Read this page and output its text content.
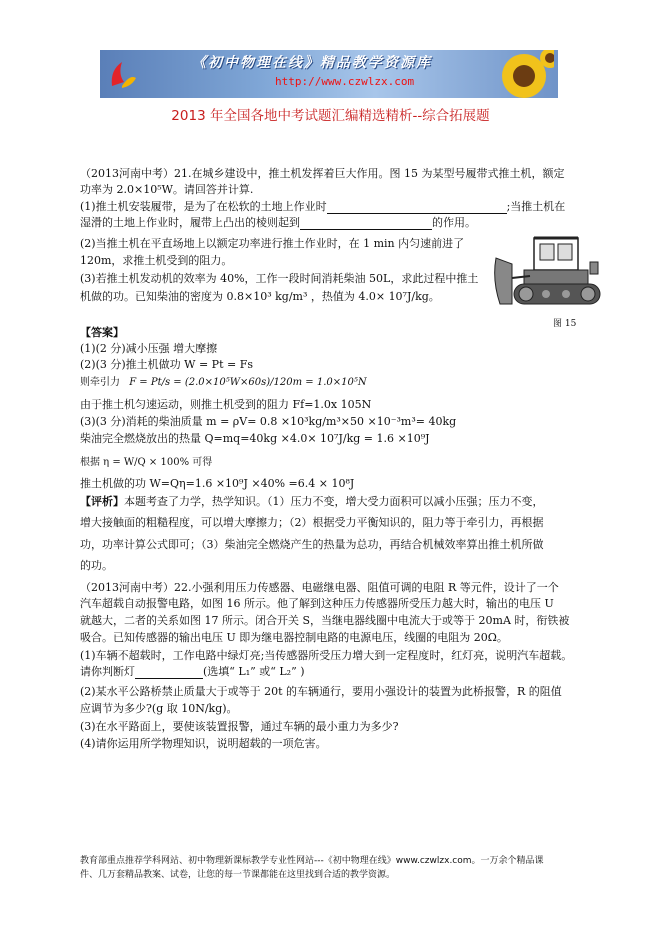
《初中物理在线》精品教学资源库
http://www.czwlzx.com
2013 年全国各地中考试题汇编精选精析--综合拓展题
（2013河南中考）21.在城乡建设中，推土机发挥着巨大作用。图 15 为某型号履带式推土机，额定
功率为 2.0×10⁵W。请回答并计算.
(1)推土机安装履带，是为了在松软的土地上作业时	;当推土机在
湿滑的土地上作业时，履带上凸出的棱则起到	的作用。
(2)当推土机在平直场地上以额定功率进行推土作业时，在 1 min 内匀速前进了
120m，求推土机受到的阻力。
(3)若推土机发动机的效率为 40%，工作一段时间消耗柴油 50L，求此过程中推土
机做的功。已知柴油的密度为 0.8×10³ kg/m³ ，热值为 4.0× 10⁷J/kg。
图 15
【答案】
(1)(2 分)减小压强 增大摩擦
(2)(3 分)推土机做功 W = Pt = Fs
则牵引力 F = Pt/s = (2.0×10⁵W×60s)/120m = 1.0×10⁵N
由于推土机匀速运动，则推土机受到的阻力 Ff=1.0x 105N
(3)(3 分)消耗的柴油质量 m = ρV= 0.8 ×10³kg/m³×50 ×10⁻³m³= 40kg
柴油完全燃烧放出的热量 Q=mq=40kg ×4.0× 10⁷J/kg = 1.6 ×10⁹J
根据 η = W/Q × 100% 可得
推土机做的功 W=Qη=1.6 ×10⁹J ×40% =6.4 × 10⁸J
【评析】本题考查了力学，热学知识。（1）压力不变，增大受力面积可以减小压强；压力不变，
增大接触面的粗糙程度，可以增大摩擦力；（2）根据受力平衡知识的，阻力等于牵引力，再根据
功，功率计算公式即可；（3）柴油完全燃烧产生的热量为总功，再结合机械效率算出推土机所做
的功。
（2013河南中考）22.小强利用压力传感器、电磁继电器、阻值可调的电阻 R 等元件，设计了一个
汽车超载自动报警电路，如图 16 所示。他了解到这种压力传感器所受压力越大时，输出的电压 U
就越大，二者的关系如图 17 所示。闭合开关 S，当继电器线圈中电流大于或等于 20mA 时，衔铁被
吸合。已知传感器的输出电压 U 即为继电器控制电路的电源电压，线圈的电阻为 20Ω。
(1)车辆不超载时，工作电路中绿灯亮;当传感器所受压力增大到一定程度时，红灯亮，说明汽车超载。
请你判断灯	(选填“ L₁” 或“ L₂” )
(2)某水平公路桥禁止质量大于或等于 20t 的车辆通行，要用小强设计的装置为此桥报警，R 的阻值
应调节为多少?(g 取 10N/kg)。
(3)在水平路面上，要使该装置报警，通过车辆的最小重力为多少?
(4)请你运用所学物理知识，说明超载的一项危害。
教育部重点推荐学科网站、初中物理新课标教学专业性网站---《初中物理在线》www.czwlzx.com。一万余个精品课
件、几万套精品教案、试卷，让您的每一节课都能在这里找到合适的教学资源。
